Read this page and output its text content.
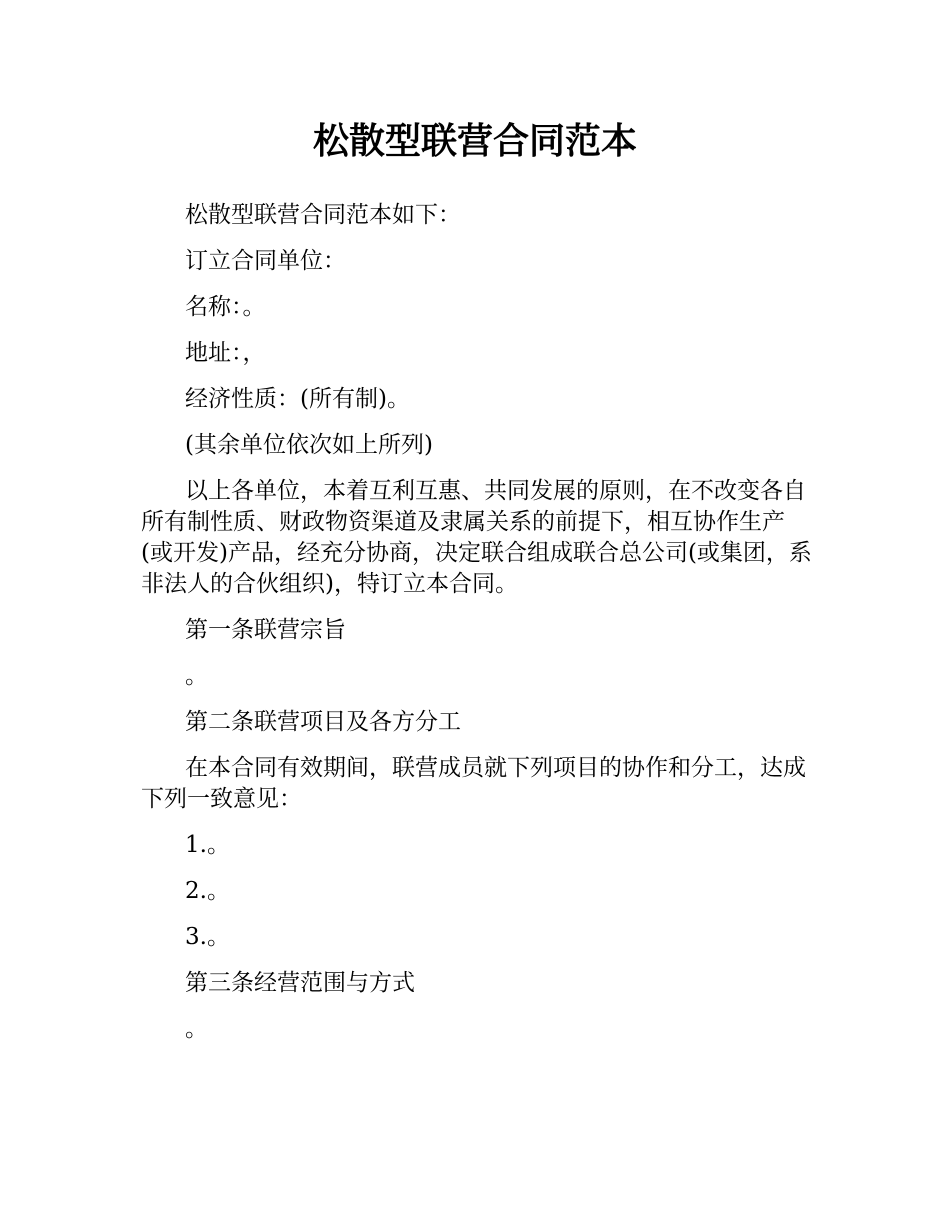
松散型联营合同范本

松散型联营合同范本如下：

订立合同单位：

名称：。

地址：，

经济性质：(所有制)。

(其余单位依次如上所列)

以上各单位，本着互利互惠、共同发展的原则，在不改变各自所有制性质、财政物资渠道及隶属关系的前提下，相互协作生产(或开发)产品，经充分协商，决定联合组成联合总公司(或集团，系非法人的合伙组织)，特订立本合同。

第一条联营宗旨

。

第二条联营项目及各方分工

在本合同有效期间，联营成员就下列项目的协作和分工，达成下列一致意见：

1.。

2.。

3.。

第三条经营范围与方式

。
